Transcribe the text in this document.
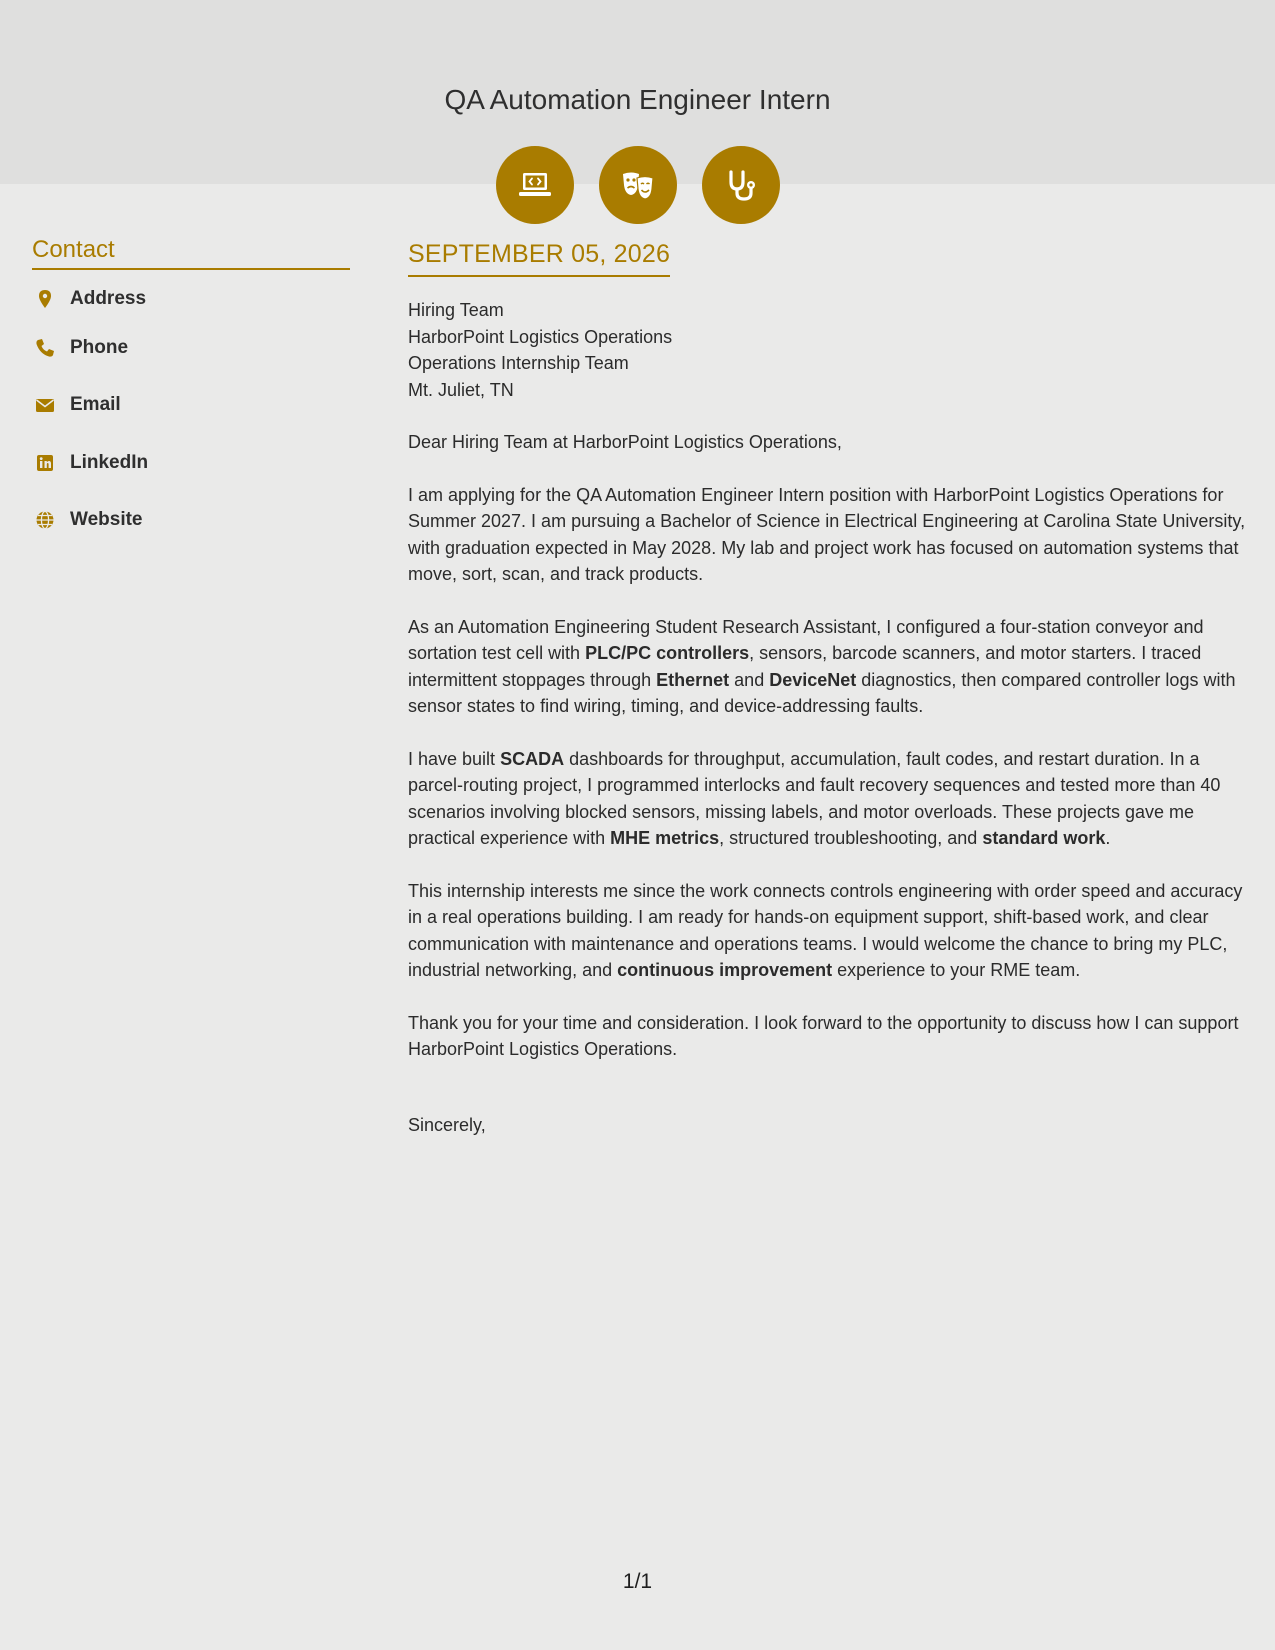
QA Automation Engineer Intern
Contact
Address
Phone
Email
LinkedIn
Website
SEPTEMBER 05, 2026
Hiring Team
HarborPoint Logistics Operations
Operations Internship Team
Mt. Juliet, TN
Dear Hiring Team at HarborPoint Logistics Operations,
I am applying for the QA Automation Engineer Intern position with HarborPoint Logistics Operations for Summer 2027. I am pursuing a Bachelor of Science in Electrical Engineering at Carolina State University, with graduation expected in May 2028. My lab and project work has focused on automation systems that move, sort, scan, and track products.
As an Automation Engineering Student Research Assistant, I configured a four-station conveyor and sortation test cell with PLC/PC controllers, sensors, barcode scanners, and motor starters. I traced intermittent stoppages through Ethernet and DeviceNet diagnostics, then compared controller logs with sensor states to find wiring, timing, and device-addressing faults.
I have built SCADA dashboards for throughput, accumulation, fault codes, and restart duration. In a parcel-routing project, I programmed interlocks and fault recovery sequences and tested more than 40 scenarios involving blocked sensors, missing labels, and motor overloads. These projects gave me practical experience with MHE metrics, structured troubleshooting, and standard work.
This internship interests me since the work connects controls engineering with order speed and accuracy in a real operations building. I am ready for hands-on equipment support, shift-based work, and clear communication with maintenance and operations teams. I would welcome the chance to bring my PLC, industrial networking, and continuous improvement experience to your RME team.
Thank you for your time and consideration. I look forward to the opportunity to discuss how I can support HarborPoint Logistics Operations.
Sincerely,
1/1
